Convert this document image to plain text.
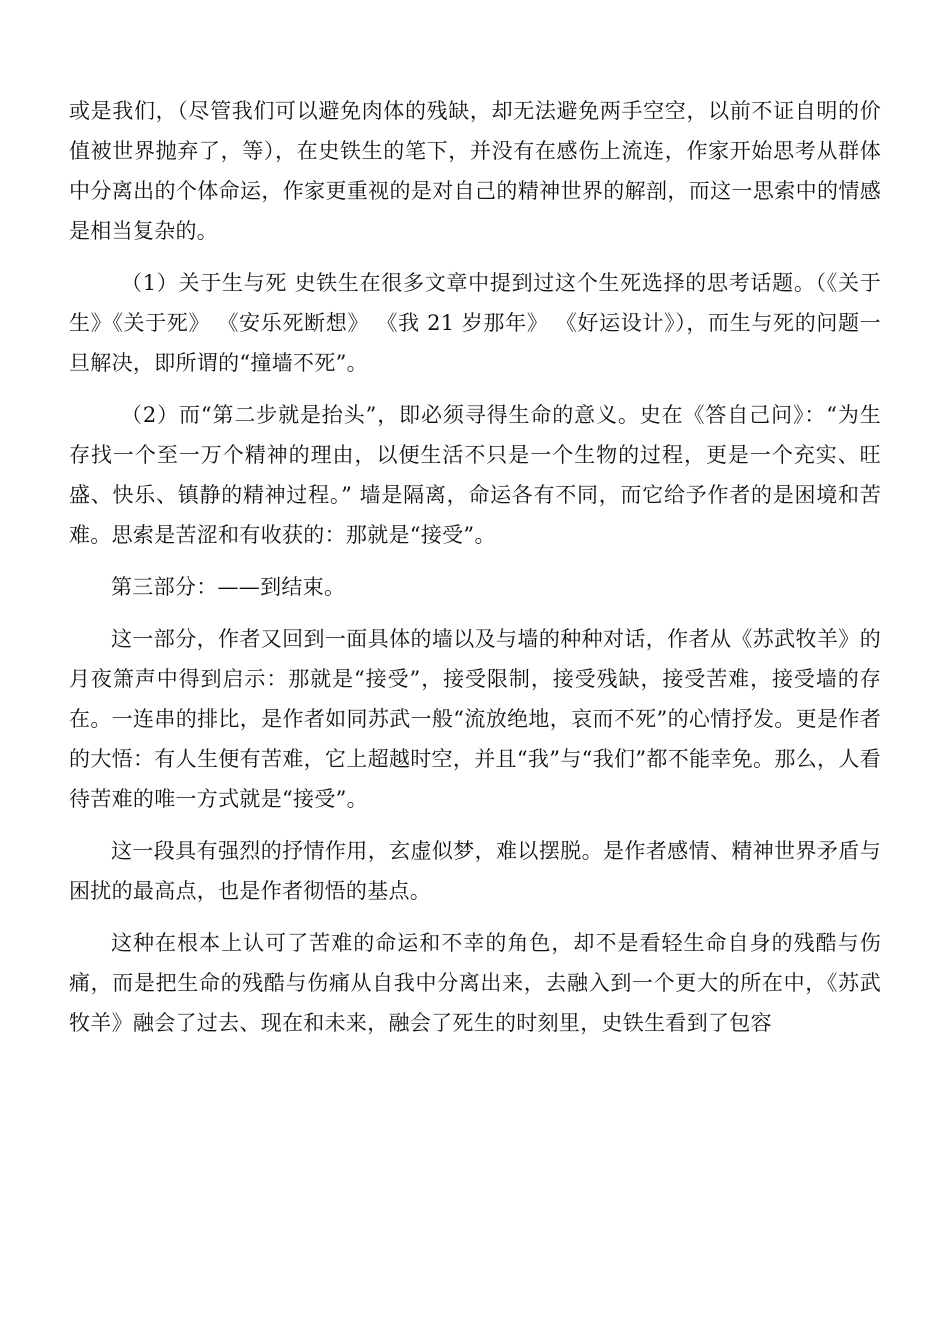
或是我们，（尽管我们可以避免肉体的残缺，却无法避免两手空空，以前不证自明的价值被世界抛弃了，等），在史铁生的笔下，并没有在感伤上流连，作家开始思考从群体中分离出的个体命运，作家更重视的是对自己的精神世界的解剖，而这一思索中的情感是相当复杂的。

（1）关于生与死 史铁生在很多文章中提到过这个生死选择的思考话题。（《关于生》《关于死》 《安乐死断想》 《我 21 岁那年》 《好运设计》），而生与死的问题一旦解决，即所谓的“撞墙不死”。

（2）而“第二步就是抬头”，即必须寻得生命的意义。史在《答自己问》：“为生存找一个至一万个精神的理由，以便生活不只是一个生物的过程，更是一个充实、旺盛、快乐、镇静的精神过程。” 墙是隔离，命运各有不同，而它给予作者的是困境和苦难。思索是苦涩和有收获的：那就是“接受”。

第三部分：——到结束。

这一部分，作者又回到一面具体的墙以及与墙的种种对话，作者从《苏武牧羊》的月夜箫声中得到启示：那就是“接受”，接受限制，接受残缺，接受苦难，接受墙的存在。一连串的排比，是作者如同苏武一般“流放绝地，哀而不死”的心情抒发。更是作者的大悟：有人生便有苦难，它上超越时空，并且“我”与“我们”都不能幸免。那么，人看待苦难的唯一方式就是“接受”。

这一段具有强烈的抒情作用，玄虚似梦，难以摆脱。是作者感情、精神世界矛盾与困扰的最高点，也是作者彻悟的基点。

这种在根本上认可了苦难的命运和不幸的角色，却不是看轻生命自身的残酷与伤痛，而是把生命的残酷与伤痛从自我中分离出来，去融入到一个更大的所在中，《苏武牧羊》融会了过去、现在和未来，融会了死生的时刻里，史铁生看到了包容
